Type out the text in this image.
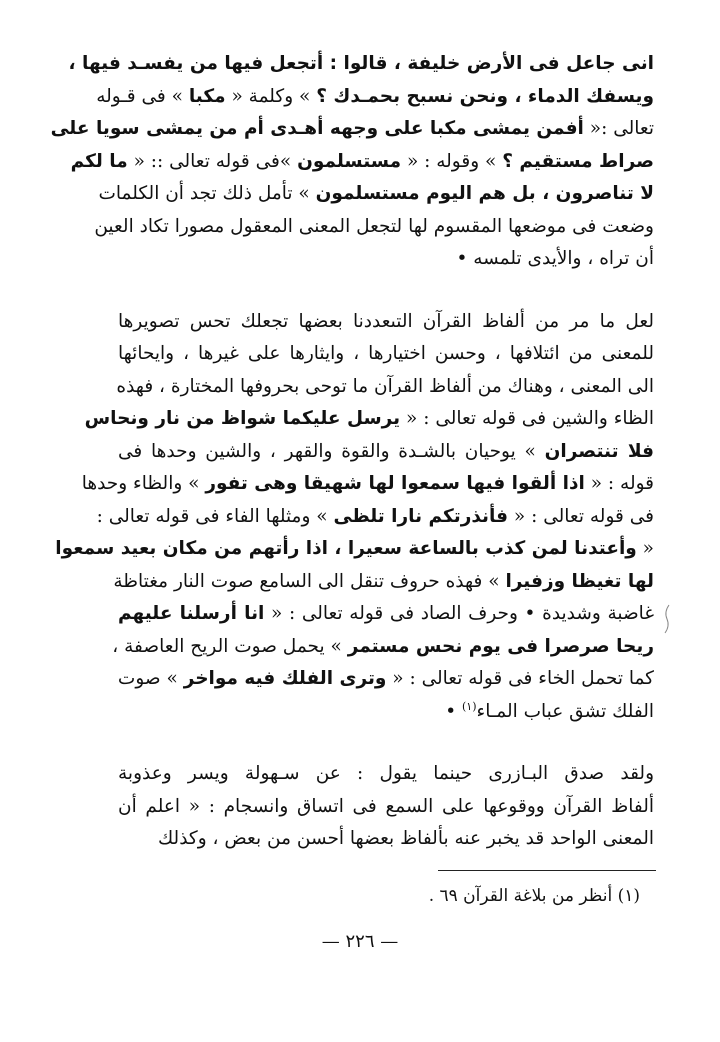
انى جاعل فى الأرض خليفة ، قالوا : أتجعل فيها من يفسـد فيها ،
ويسفك الدماء ، ونحن نسبح بحمـدك ؟ » وكلمة « مكبا » فى قـوله
تعالى :« أفمن يمشى مكبا على وجهه أهـدى أم من يمشى سويا على
صراط مستقيم ؟ » وقوله : « مستسلمون »فى قوله تعالى :: « ما لكم
لا تناصرون ، بل هم اليوم مستسلمون » تأمل ذلك تجد أن الكلمات
وضعت فى موضعها المقسوم لها لتجعل المعنى المعقول مصورا تكاد العين
أن تراه ، والأيدى تلمسه •
لعل ما مر من ألفاظ القرآن التىعددنا بعضها تجعلك تحس تصويرها
للمعنى من ائتلافها ، وحسن اختيارها ، وايثارها على غيرها ، وايحائها
الى المعنى ، وهناك من ألفاظ القرآن ما توحى بحروفها المختارة ، فهذه
الظاء والشين فى قوله تعالى : « يرسل عليكما شواظ من نار ونحاس
فلا تنتصران » يوحيان بالشـدة والقوة والقهر ، والشين وحدها فى
قوله : « اذا ألقوا فيها سمعوا لها شهيقا وهى تفور » والظاء وحدها
فى قوله تعالى : « فأنذرتكم نارا تلظى » ومثلها الفاء فى قوله تعالى :
« وأعتدنا لمن كذب بالساعة سعيرا ، اذا رأتهم من مكان بعيد سمعوا
لها تغيظا وزفيرا » فهذه حروف تنقل الى السامع صوت النار مغتاظة
غاضبة وشديدة • وحرف الصاد فى قوله تعالى : « انا أرسلنا عليهم
ريحا صرصرا فى يوم نحس مستمر » يحمل صوت الريح العاصفة ،
كما تحمل الخاء فى قوله تعالى : « وترى الفلك فيه مواخر » صوت
الفلك تشق عباب المـاء$^{(١)}$ •
ولقد صدق البـازرى حينما يقول : عن سـهولة ويسر وعذوبة
ألفاظ القرآن ووقوعها على السمع فى اتساق وانسجام : « اعلم أن
المعنى الواحد قد يخبر عنه بألفاظ بعضها أحسن من بعض ، وكذلك
(١) أنظر من بلاغة القرآن ٦٩ .
— ٢٢٦ —
